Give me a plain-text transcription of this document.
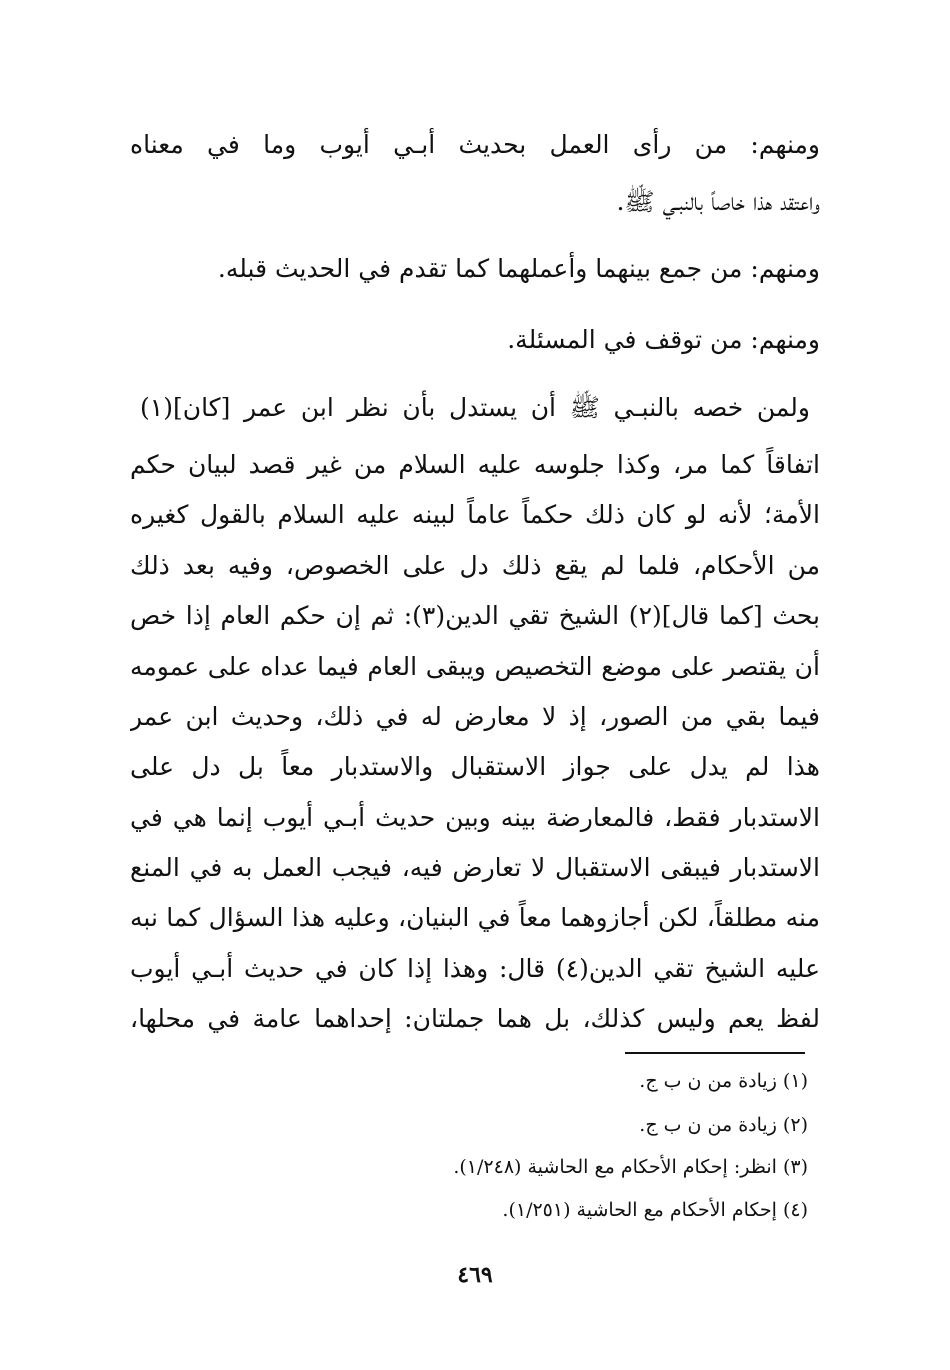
ومنهم: من رأى العمل بحديث أبـي أيوب وما في معناه
واعتقد هذا خاصاً بالنبـي ﷺ.
ومنهم: من جمع بينهما وأعملهما كما تقدم في الحديث قبله.
ومنهم: من توقف في المسئلة.
ولمن خصه بالنبـي ﷺ أن يستدل بأن نظر ابن عمر [كان](١)
اتفاقاً كما مر، وكذا جلوسه عليه السلام من غير قصد لبيان حكم
الأمة؛ لأنه لو كان ذلك حكماً عاماً لبينه عليه السلام بالقول كغيره
من الأحكام، فلما لم يقع ذلك دل على الخصوص، وفيه بعد ذلك
بحث [كما قال](٢) الشيخ تقي الدين(٣): ثم إن حكم العام إذا خص
أن يقتصر على موضع التخصيص ويبقى العام فيما عداه على عمومه
فيما بقي من الصور، إذ لا معارض له في ذلك، وحديث ابن عمر
هذا لم يدل على جواز الاستقبال والاستدبار معاً بل دل على
الاستدبار فقط، فالمعارضة بينه وبين حديث أبـي أيوب إنما هي في
الاستدبار فيبقى الاستقبال لا تعارض فيه، فيجب العمل به في المنع
منه مطلقاً، لكن أجازوهما معاً في البنيان، وعليه هذا السؤال كما نبه
عليه الشيخ تقي الدين(٤) قال: وهذا إذا كان في حديث أبـي أيوب
لفظ يعم وليس كذلك، بل هما جملتان: إحداهما عامة في محلها،
(١) زيادة من ن ب ج.
(٢) زيادة من ن ب ج.
(٣) انظر: إحكام الأحكام مع الحاشية (١/٢٤٨).
(٤) إحكام الأحكام مع الحاشية (١/٢٥١).
٤٦٩
